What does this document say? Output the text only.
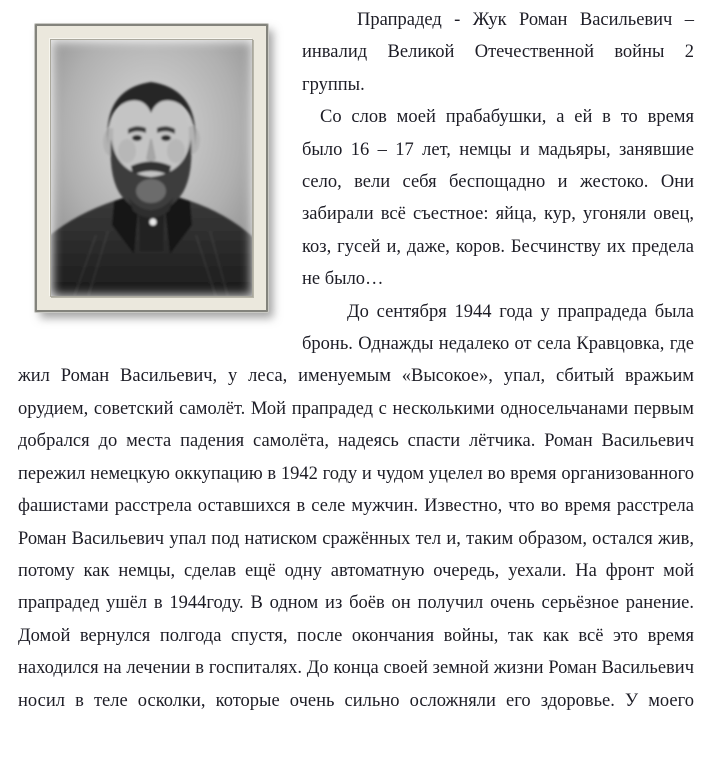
Прапрадед - Жук Роман Васильевич – инвалид Великой Отечественной войны 2 группы.

Со слов моей прабабушки, а ей в то время было 16 – 17 лет, немцы и мадьяры, занявшие село, вели себя беспощадно и жестоко. Они забирали всё съестное: яйца, кур, угоняли овец, коз, гусей и, даже, коров. Бесчинству их предела не было…

До сентября 1944 года у прапрадеда была бронь. Однажды недалеко от села Кравцовка, где жил Роман Васильевич, у леса, именуемым «Высокое», упал, сбитый вражьим орудием, советский самолёт. Мой прапрадед с несколькими односельчанами первым добрался до места падения самолёта, надеясь спасти лётчика. Роман Васильевич пережил немецкую оккупацию в 1942 году и чудом уцелел во время организованного фашистами расстрела оставшихся в селе мужчин. Известно, что во время расстрела Роман Васильевич упал под натиском сражённых тел и, таким образом, остался жив, потому как немцы, сделав ещё одну автоматную очередь, уехали. На фронт мой прапрадед ушёл в 1944году. В одном из боёв он получил очень серьёзное ранение. Домой вернулся полгода спустя, после окончания войны, так как всё это время находился на лечении в госпиталях. До конца своей земной жизни Роман Васильевич носил в теле осколки, которые очень сильно осложняли его здоровье. У моего
